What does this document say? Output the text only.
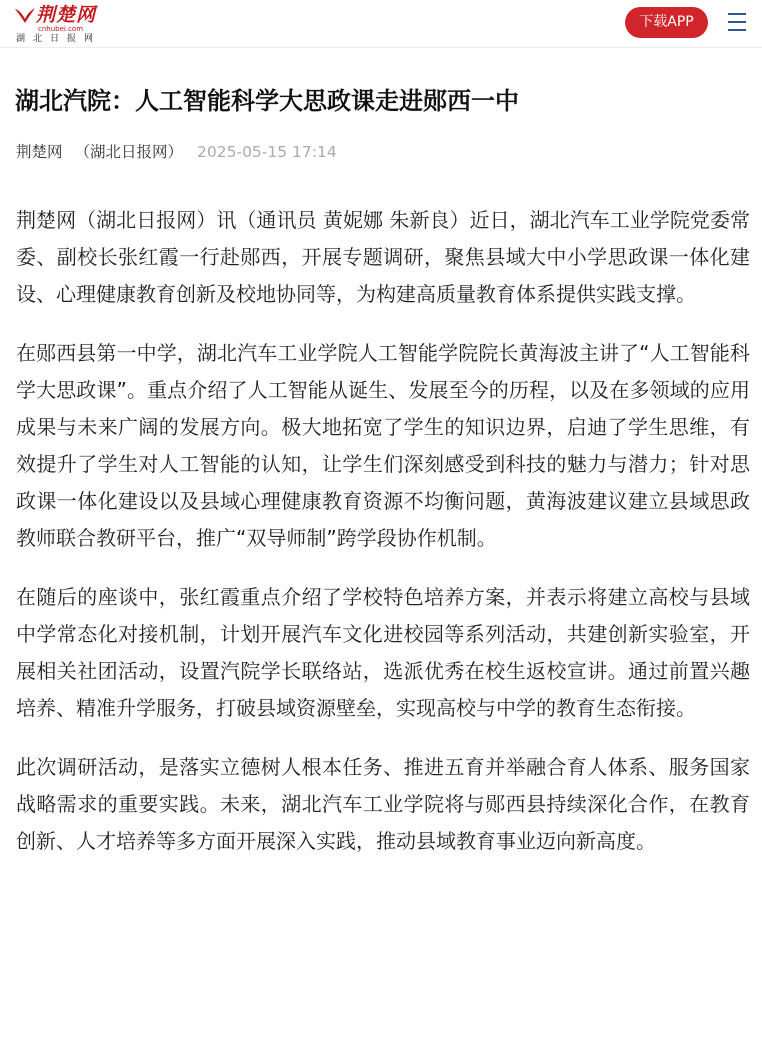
荆楚网
cnhubei.com
湖北日报网
下载APP
湖北汽院：人工智能科学大思政课走进郧西一中
荆楚网 （湖北日报网） 2025-05-15 17:14

荆楚网（湖北日报网）讯（通讯员 黄妮娜 朱新良）近日，湖北汽车工业学院党委常委、副校长张红霞一行赴郧西，开展专题调研，聚焦县域大中小学思政课一体化建设、心理健康教育创新及校地协同等，为构建高质量教育体系提供实践支撑。

在郧西县第一中学，湖北汽车工业学院人工智能学院院长黄海波主讲了“人工智能科学大思政课”。重点介绍了人工智能从诞生、发展至今的历程，以及在多领域的应用成果与未来广阔的发展方向。极大地拓宽了学生的知识边界，启迪了学生思维，有效提升了学生对人工智能的认知，让学生们深刻感受到科技的魅力与潜力；针对思政课一体化建设以及县域心理健康教育资源不均衡问题，黄海波建议建立县域思政教师联合教研平台，推广“双导师制”跨学段协作机制。

在随后的座谈中，张红霞重点介绍了学校特色培养方案，并表示将建立高校与县域中学常态化对接机制，计划开展汽车文化进校园等系列活动，共建创新实验室，开展相关社团活动，设置汽院学长联络站，选派优秀在校生返校宣讲。通过前置兴趣培养、精准升学服务，打破县域资源壁垒，实现高校与中学的教育生态衔接。

此次调研活动，是落实立德树人根本任务、推进五育并举融合育人体系、服务国家战略需求的重要实践。未来，湖北汽车工业学院将与郧西县持续深化合作，在教育创新、人才培养等多方面开展深入实践，推动县域教育事业迈向新高度。
